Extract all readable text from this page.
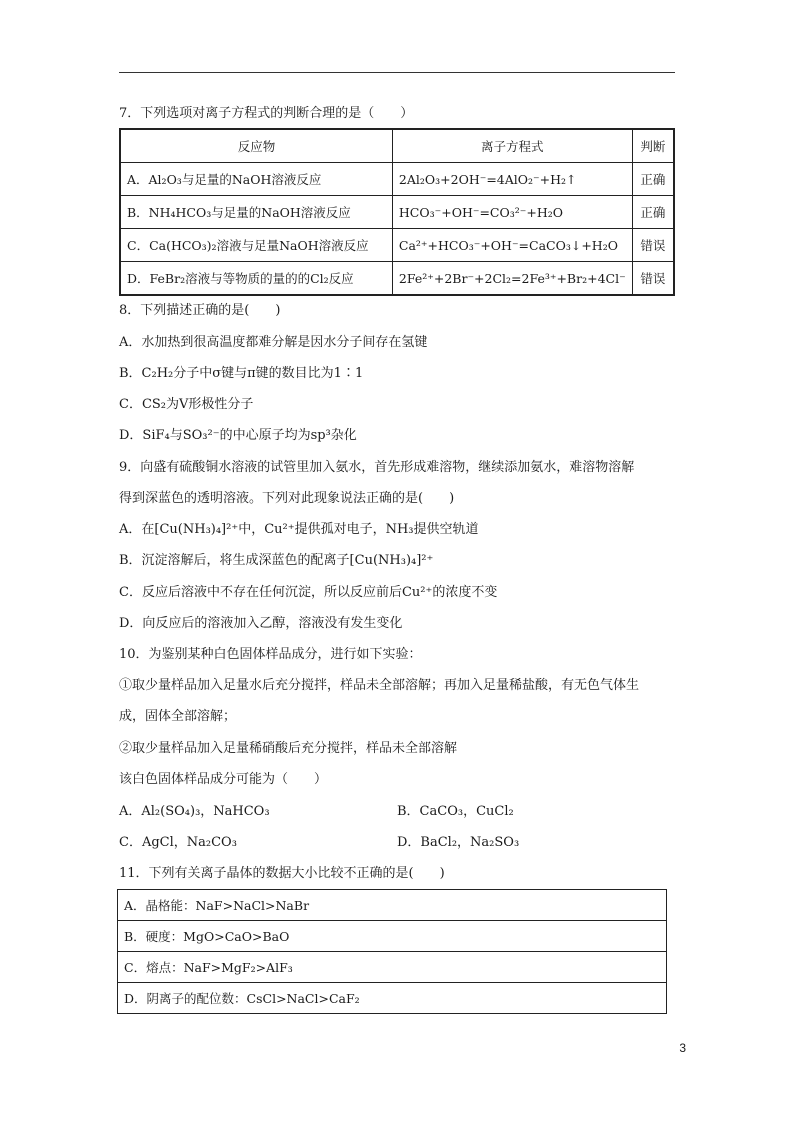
7．下列选项对离子方程式的判断合理的是（　　）
反应物	离子方程式	判断
A．Al₂O₃与足量的NaOH溶液反应	2Al₂O₃+2OH⁻=4AlO₂⁻+H₂↑	正确
B．NH₄HCO₃与足量的NaOH溶液反应	HCO₃⁻+OH⁻=CO₃²⁻+H₂O	正确
C．Ca(HCO₃)₂溶液与足量NaOH溶液反应	Ca²⁺+HCO₃⁻+OH⁻=CaCO₃↓+H₂O	错误
D．FeBr₂溶液与等物质的量的的Cl₂反应	2Fe²⁺+2Br⁻+2Cl₂=2Fe³⁺+Br₂+4Cl⁻	错误
8．下列描述正确的是(　　)
A．水加热到很高温度都难分解是因水分子间存在氢键
B．C₂H₂分子中σ键与π键的数目比为1∶1
C．CS₂为V形极性分子
D．SiF₄与SO₃²⁻的中心原子均为sp³杂化
9．向盛有硫酸铜水溶液的试管里加入氨水，首先形成难溶物，继续添加氨水，难溶物溶解
得到深蓝色的透明溶液。下列对此现象说法正确的是(　　)
A．在[Cu(NH₃)₄]²⁺中，Cu²⁺提供孤对电子，NH₃提供空轨道
B．沉淀溶解后，将生成深蓝色的配离子[Cu(NH₃)₄]²⁺
C．反应后溶液中不存在任何沉淀，所以反应前后Cu²⁺的浓度不变
D．向反应后的溶液加入乙醇，溶液没有发生变化
10．为鉴别某种白色固体样品成分，进行如下实验：
①取少量样品加入足量水后充分搅拌，样品未全部溶解；再加入足量稀盐酸，有无色气体生
成，固体全部溶解；
②取少量样品加入足量稀硝酸后充分搅拌，样品未全部溶解
该白色固体样品成分可能为（　　）
A．Al₂(SO₄)₃，NaHCO₃	B．CaCO₃，CuCl₂
C．AgCl，Na₂CO₃	D．BaCl₂，Na₂SO₃
11．下列有关离子晶体的数据大小比较不正确的是(　　)
A．晶格能：NaF>NaCl>NaBr
B．硬度：MgO>CaO>BaO
C．熔点：NaF>MgF₂>AlF₃
D．阴离子的配位数：CsCl>NaCl>CaF₂
3
